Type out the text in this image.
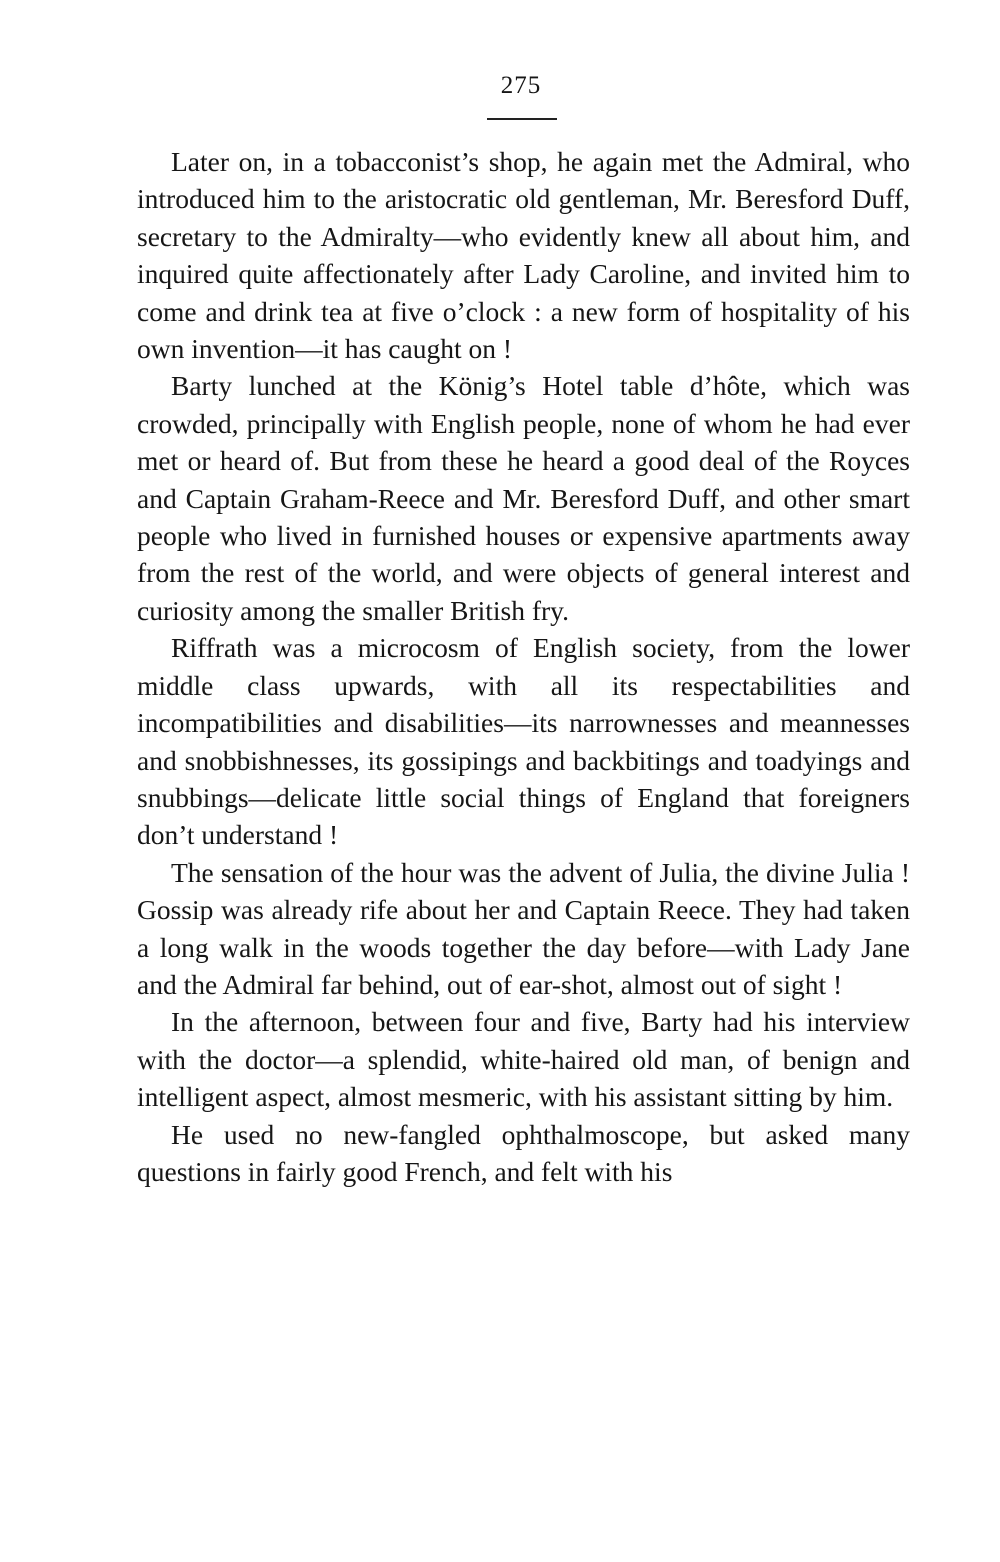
275

Later on, in a tobacconist’s shop, he again met the Admiral, who introduced him to the aristocratic old gentleman, Mr. Beresford Duff, secretary to the Admiralty—who evidently knew all about him, and inquired quite affectionately after Lady Caroline, and invited him to come and drink tea at five o’clock : a new form of hospitality of his own invention—it has caught on !

Barty lunched at the König’s Hotel table d’hôte, which was crowded, principally with English people, none of whom he had ever met or heard of. But from these he heard a good deal of the Royces and Captain Graham-Reece and Mr. Beresford Duff, and other smart people who lived in furnished houses or expensive apartments away from the rest of the world, and were objects of general interest and curiosity among the smaller British fry.

Riffrath was a microcosm of English society, from the lower middle class upwards, with all its respectabilities and incompatibilities and disabilities—its narrownesses and meannesses and snobbishnesses, its gossipings and backbitings and toadyings and snubbings—delicate little social things of England that foreigners don’t understand !

The sensation of the hour was the advent of Julia, the divine Julia ! Gossip was already rife about her and Captain Reece. They had taken a long walk in the woods together the day before—with Lady Jane and the Admiral far behind, out of ear-shot, almost out of sight !

In the afternoon, between four and five, Barty had his interview with the doctor—a splendid, white-haired old man, of benign and intelligent aspect, almost mesmeric, with his assistant sitting by him.

He used no new-fangled ophthalmoscope, but asked many questions in fairly good French, and felt with his
